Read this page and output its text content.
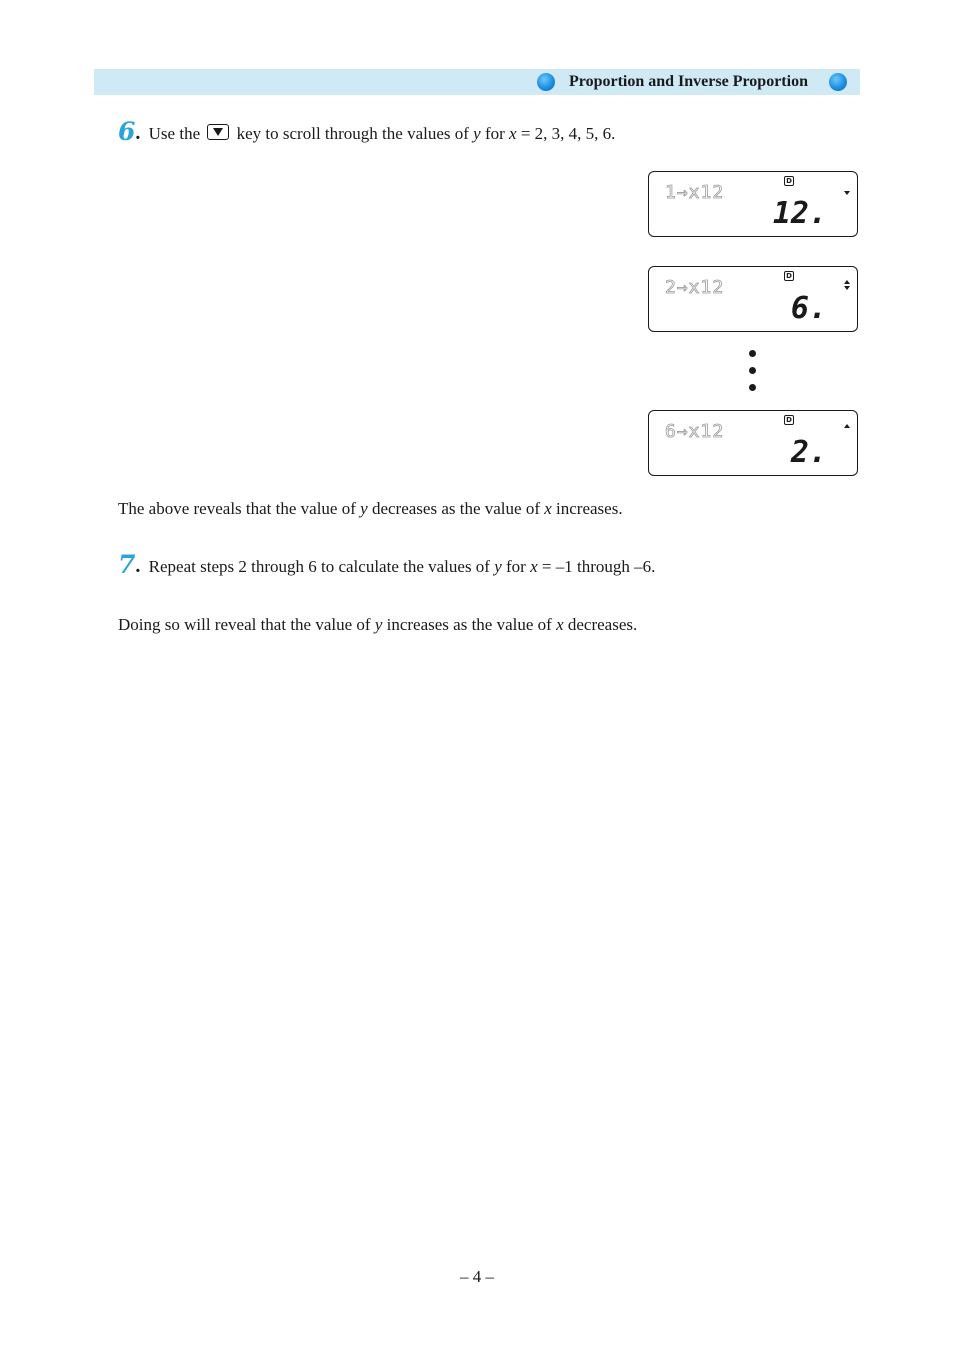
Proportion and Inverse Proportion
6. Use the key to scroll through the values of y for x = 2, 3, 4, 5, 6.
D
1→x12
12.
D
2→x12
6.
D
6→x12
2.
The above reveals that the value of y decreases as the value of x increases.
7. Repeat steps 2 through 6 to calculate the values of y for x = –1 through –6.
Doing so will reveal that the value of y increases as the value of x decreases.
– 4 –
